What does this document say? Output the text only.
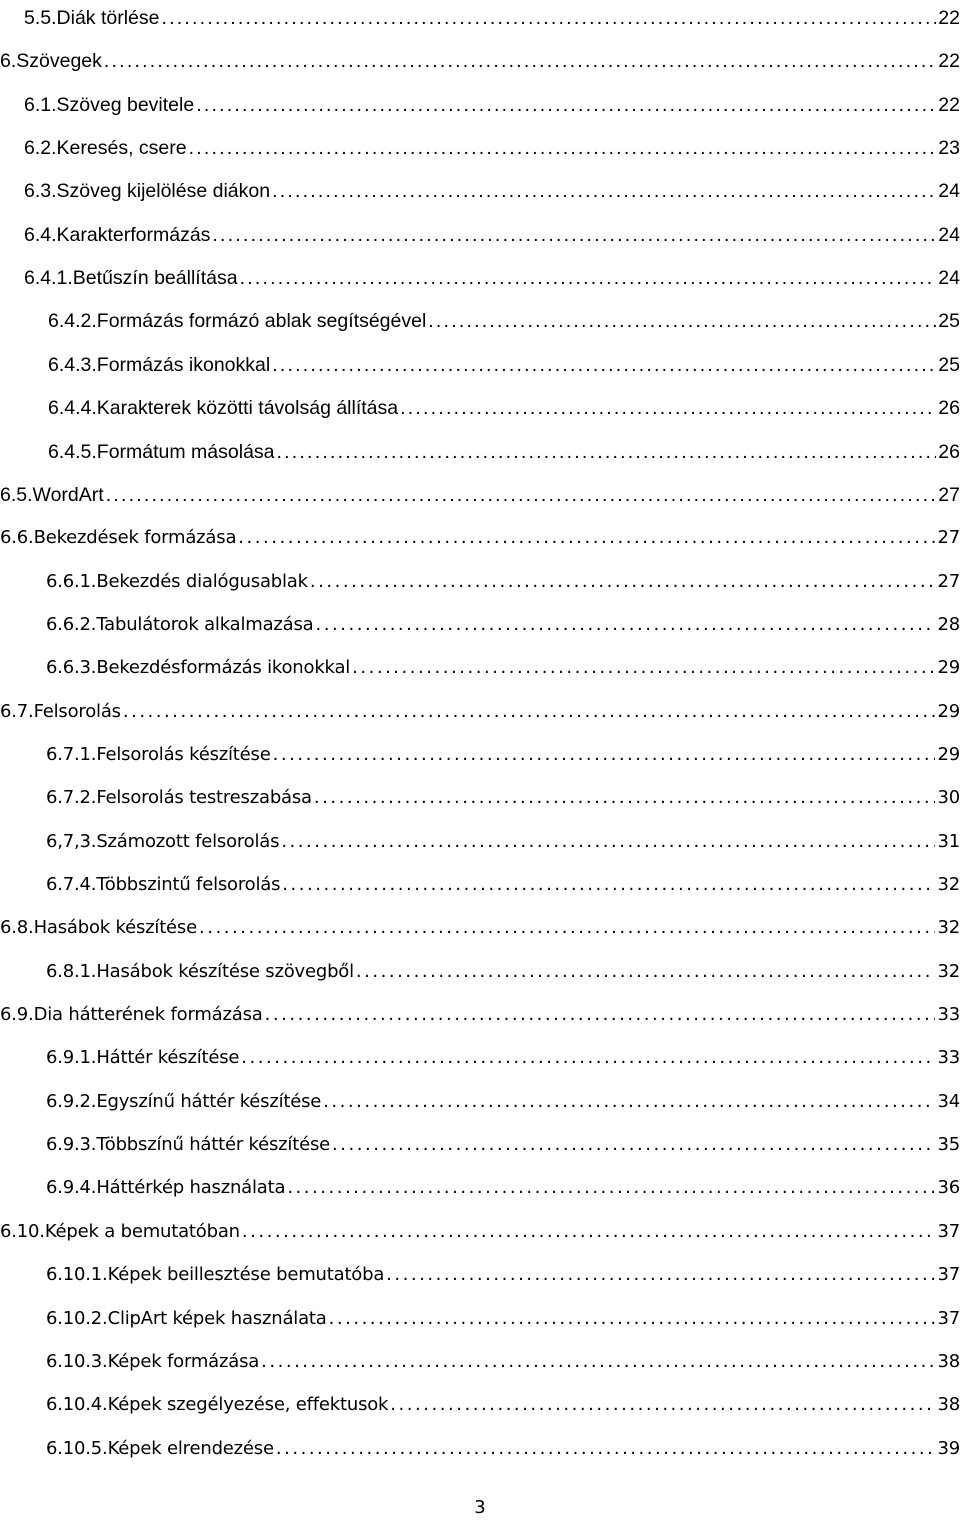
5.5. Diák törlése . . .	22
6. Szövegek . . .	22
6.1. Szöveg bevitele . . .	22
6.2. Keresés, csere . . .	23
6.3. Szöveg kijelölése diákon . . .	24
6.4. Karakterformázás . . .	24
6.4.1. Betűszín beállítása . . .	24
6.4.2. Formázás formázó ablak segítségével . . .	25
6.4.3. Formázás ikonokkal . . .	25
6.4.4. Karakterek közötti távolság állítása . . .	26
6.4.5. Formátum másolása . . .	26
6.5. WordArt . . .	27
6.6. Bekezdések formázása . . .	27
6.6.1. Bekezdés dialógusablak . . .	27
6.6.2. Tabulátorok alkalmazása . . .	28
6.6.3. Bekezdésformázás ikonokkal . . .	29
6.7. Felsorolás . . .	29
6.7.1. Felsorolás készítése . . .	29
6.7.2. Felsorolás testreszabása . . .	30
6,7,3. Számozott felsorolás . . .	31
6.7.4. Többszintű felsorolás . . .	32
6.8. Hasábok készítése . . .	32
6.8.1. Hasábok készítése szövegből . . .	32
6.9. Dia hátterének formázása . . .	33
6.9.1. Háttér készítése . . .	33
6.9.2. Egyszínű háttér készítése . . .	34
6.9.3. Többszínű háttér készítése . . .	35
6.9.4. Háttérkép használata . . .	36
6.10. Képek a bemutatóban . . .	37
6.10.1. Képek beillesztése bemutatóba . . .	37
6.10.2. ClipArt képek használata . . .	37
6.10.3. Képek formázása . . .	38
6.10.4. Képek szegélyezése, effektusok . . .	38
6.10.5. Képek elrendezése . . .	39
3
